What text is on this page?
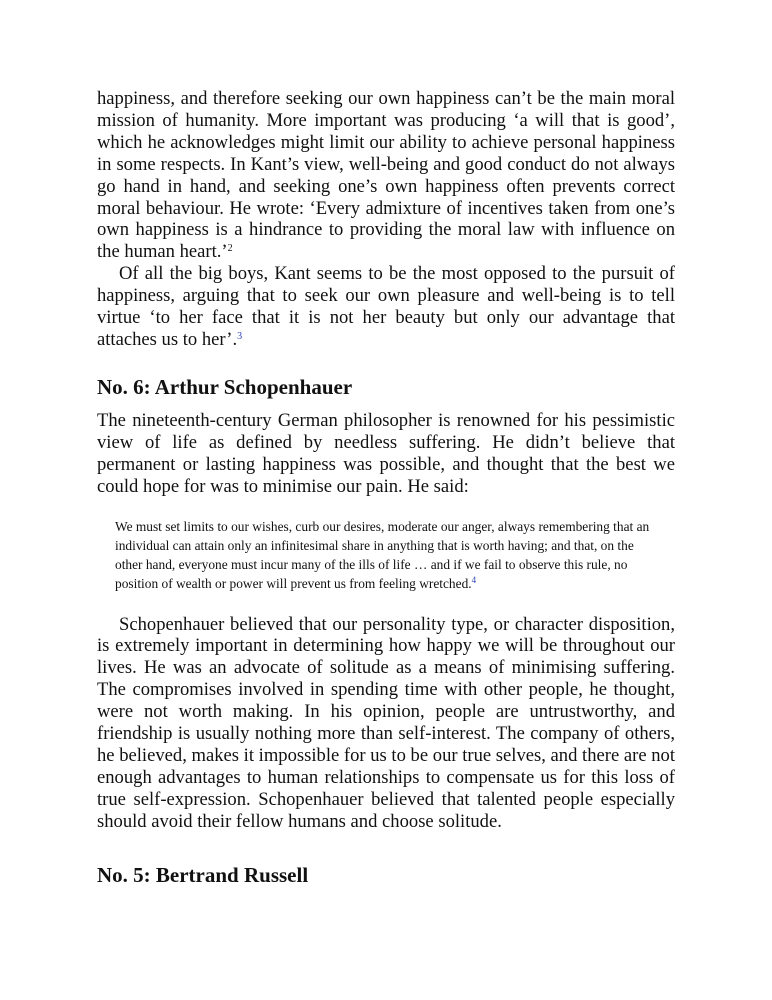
happiness, and therefore seeking our own happiness can’t be the main moral mission of humanity. More important was producing ‘a will that is good’, which he acknowledges might limit our ability to achieve personal happiness in some respects. In Kant’s view, well-being and good conduct do not always go hand in hand, and seeking one’s own happiness often prevents correct moral behaviour. He wrote: ‘Every admixture of incentives taken from one’s own happiness is a hindrance to providing the moral law with influence on the human heart.’$^2$

Of all the big boys, Kant seems to be the most opposed to the pursuit of happiness, arguing that to seek our own pleasure and well-being is to tell virtue ‘to her face that it is not her beauty but only our advantage that attaches us to her’.$^3$

No. 6: Arthur Schopenhauer

The nineteenth-century German philosopher is renowned for his pessimistic view of life as defined by needless suffering. He didn’t believe that permanent or lasting happiness was possible, and thought that the best we could hope for was to minimise our pain. He said:

We must set limits to our wishes, curb our desires, moderate our anger, always remembering that an individual can attain only an infinitesimal share in anything that is worth having; and that, on the other hand, everyone must incur many of the ills of life … and if we fail to observe this rule, no position of wealth or power will prevent us from feeling wretched.$^4$

Schopenhauer believed that our personality type, or character disposition, is extremely important in determining how happy we will be throughout our lives. He was an advocate of solitude as a means of minimising suffering. The compromises involved in spending time with other people, he thought, were not worth making. In his opinion, people are untrustworthy, and friendship is usually nothing more than self-interest. The company of others, he believed, makes it impossible for us to be our true selves, and there are not enough advantages to human relationships to compensate us for this loss of true self-expression. Schopenhauer believed that talented people especially should avoid their fellow humans and choose solitude.

No. 5: Bertrand Russell
